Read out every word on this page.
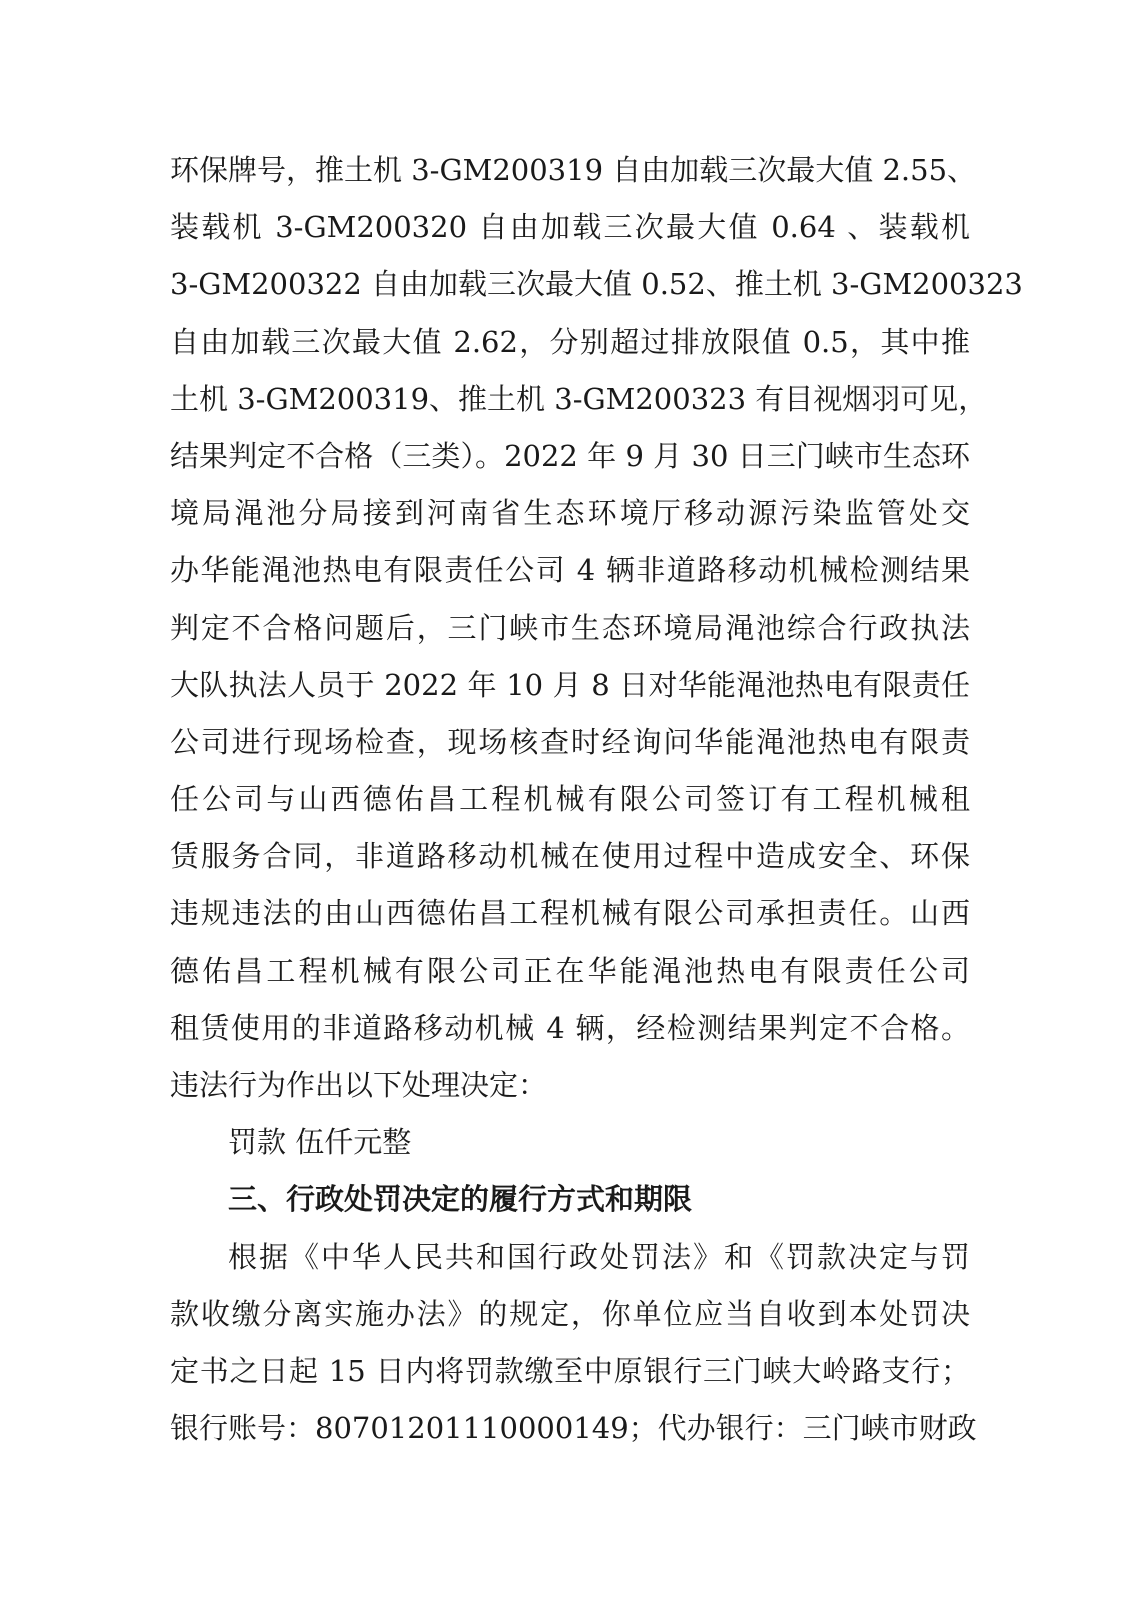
环保牌号，推土机 3-GM200319 自由加载三次最大值 2.55、
装载机 3-GM200320 自由加载三次最大值 0.64 、装载机
3-GM200322 自由加载三次最大值 0.52、推土机 3-GM200323
自由加载三次最大值 2.62，分别超过排放限值 0.5，其中推
土机 3-GM200319、推土机 3-GM200323 有目视烟羽可见，
结果判定不合格（三类）。2022 年 9 月 30 日三门峡市生态环
境局渑池分局接到河南省生态环境厅移动源污染监管处交
办华能渑池热电有限责任公司 4 辆非道路移动机械检测结果
判定不合格问题后，三门峡市生态环境局渑池综合行政执法
大队执法人员于 2022 年 10 月 8 日对华能渑池热电有限责任
公司进行现场检查，现场核查时经询问华能渑池热电有限责
任公司与山西德佑昌工程机械有限公司签订有工程机械租
赁服务合同，非道路移动机械在使用过程中造成安全、环保
违规违法的由山西德佑昌工程机械有限公司承担责任。山西
德佑昌工程机械有限公司正在华能渑池热电有限责任公司
租赁使用的非道路移动机械 4 辆，经检测结果判定不合格。
违法行为作出以下处理决定：
罚款 伍仟元整
三、行政处罚决定的履行方式和期限
根据《中华人民共和国行政处罚法》和《罚款决定与罚
款收缴分离实施办法》的规定，你单位应当自收到本处罚决
定书之日起 15 日内将罚款缴至中原银行三门峡大岭路支行；
银行账号：80701201110000149；代办银行：三门峡市财政
